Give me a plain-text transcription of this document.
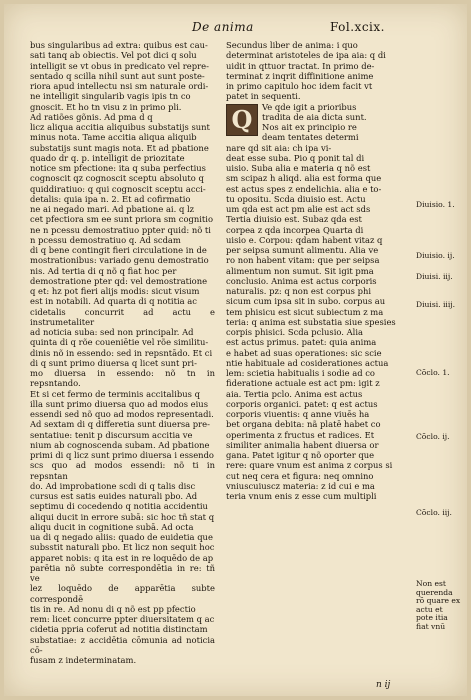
De anima	Fol.xcix.

bus singularibus ad extra: quibus est cau-

sati tanq ab obiectis. Vel pot dici q solu

intelligit se vt obus in predicato vel repre-

sentado q scilla nihil sunt aut sunt poste-

riora apud intellectu nsi sm naturale ordi-

ne intelligit singularib vagis ipis tn co

gnoscit. Et ho tn visu z in primo pli.

Ad ratiões gõnis. Ad pma d q

licz aliqua accitia aliquibus substatijs sunt

minus nota. Tame accitia aliqua aliquib

substatijs sunt magis nota. Et ad pbatione

quado dr q. p. intelligit de priozitate

notice sm pfectione: ita q suba perfectius

cognoscit qz cognoscit sceptu absoluto q

quiddiratiuo: q qui cognoscit sceptu acci-

detalis: quia ipa n. 2. Et ad cofirmatio

ne ai negado mari. Ad pbatione ai. q lz

cet pfectiora sm ee sunt priora sm cognitio

ne n pcessu demostratiuo ppter quid: nõ ti

n pcessu demostratiuo q. Ad scdam

di q bene contingit fieri circulatione in de

mostrationibus: variado genu demostratio

nis. Ad tertia di q nõ q fiat hoc per

demostratione pter qd: vel demostratione

q et: hz pot fieri alijs modis: sicut visum

est in notabili. Ad quarta di q notitia ac

cidetalis concurrit ad actu e instrumetaliter

ad noticia suba: sed non principalr. Ad

quinta di q rõe coueniētie vel rõe similitu-

dinis nõ in essendo: sed in repsntādo. Et ci

di q sunt primo diuersa q licet sunt pri-

mo diuersa in essendo: nõ tn in repsntando.

Et si cet fermo de terminis accitalibus q

illa sunt primo diuersa quo ad modos eius

essendi sed nõ quo ad modos representadi.

Ad sextam di q differetia sunt diuersa pre-

sentatiue: tenit p discursum accitia ve

nium ab cognoscenda subam. Ad pbatione

primi di q licz sunt primo diuersa i essendo

scs quo ad modos essendi: nõ ti in repsntan

do. Ad improbatione scdi di q talis disc

cursus est satis euides naturali pbo. Ad

septimu di cocedendo q notitia accidentiu

aliqui ducit in errore subā: sic hoc tñ stat q

aliqu ducit in cognitione subā. Ad octa

ua di q negado aliis: quado de euidetia que

subsstit naturali pbo. Et licz non sequit hoc

apparet nobis: q ita est in re loquēdo de ap

parētia nõ subte correspondētia in re: tñ ve

lez loquēdo de apparētia subte correspondē

tis in re. Ad nonu di q nõ est pp pfectio

rem: licet concurre ppter diuersitatem q ac

cidetia ppria coferut ad notitia distinctam

substatiae: z accidētia cōmunia ad noticia cō-

fusam z indeterminatam.

Secundus liber de anima: i quo

determinat aristoteles de ipa aia: q di

uidit in qttuor tractat. In primo de-

terminat z inqrit diffinitione anime

in primo capitulo hoc idem facit vt

patet in sequenti.

Q	Ve qde igit a prioribus

tradita de aia dicta sunt.

Nos ait ex principio re

deam tentates determi

nare qd sit aia: ch ipa vi-

deat esse suba. Pio q ponit tal di

uisio. Suba alia e materia q nõ est

sm scipaz h aliqd. alia est forma que

est actus spes z endelichia. alia e to-

tu opositu. Scda diuisio est. Actu

um qda est act pm alie est act sds

Tertia diuisio est. Subaz qda est

corpea z qda incorpea Quarta di

uisio e. Corpou: qdam habent vitaz q

per seipsa sumunt alimentu. Alia ve

ro non habent vitam: que per seipsa

alimentum non sumut. Sit igit pma

conclusio. Anima est actus corporis

naturalis. pz: q non est corpus phi

sicum cum ipsa sit in subo. corpus au

tem phisicu est sicut subiectum z ma

teria: q anima est substatia siue spesies

corpis phisici. Scda pclusio. Alia

est actus primus. patet: quia anima

e habet ad suas operationes: sic scie

ntie habituale ad cosiderationes actua

lem: scietia habitualis i sodie ad co

fideratione actuale est act pm: igit z

aia. Tertia pclo. Anima est actus

corporis organici. patet: q est actus

corporis viuentis: q anne viuēs ha

bet organa debita: nã platē habet co

operimenta z fructus et radices. Et

similiter animalia habent diuersa or

gana. Patet igitur q nõ oporter que

rere: quare vnum est anima z corpus si

cut neq cera et figura: neq omnino

vniuscuiuscz materia: z id cui e ma

teria vnum enis z esse cum multipli

Diuisio. 1.
Diuisio. ij.
Diuisi. iij.
Diuisi. iiij.
Cõclo. 1.
Cõclo. ij.
Cõclo. iij.
Non est querenda rõ quare ex actu et pote itia fiat vnū
n ij
